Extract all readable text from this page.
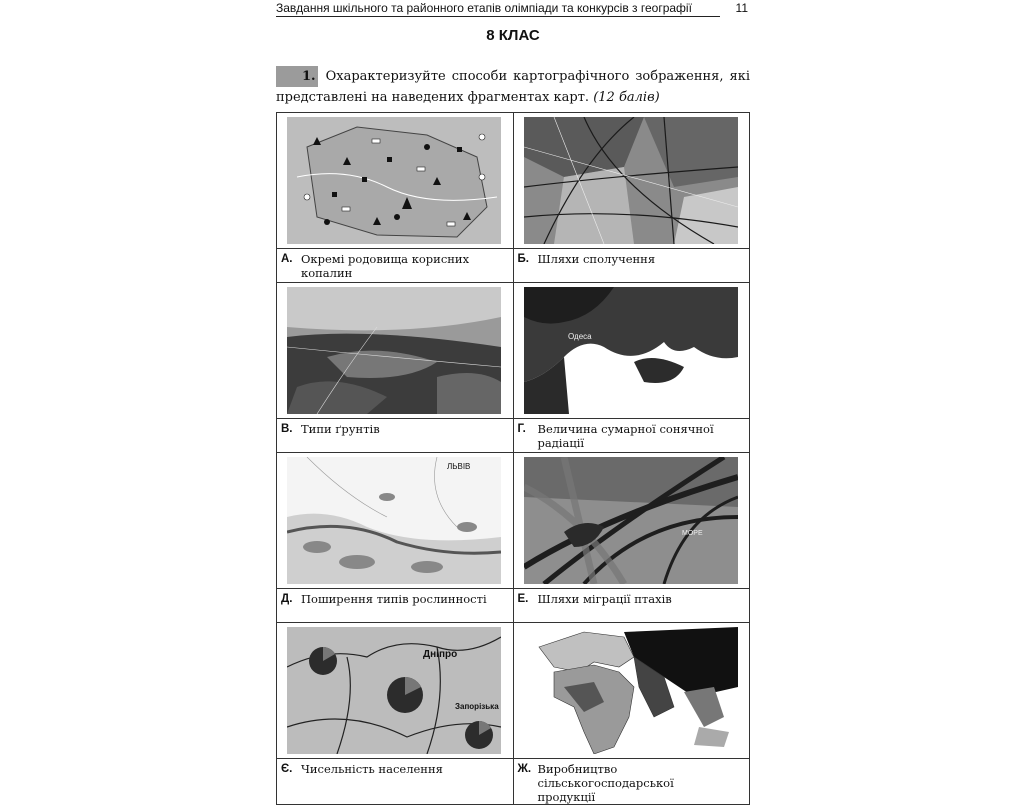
Завдання шкільного та районного етапів олімпіади та конкурсів з географії	11
8 КЛАС
1. Охарактеризуйте способи картографічного зображення, які представлені на наведених фрагментах карт. (12 балів)

А. Окремі родовища корисних копалин	Б. Шляхи сполучення

Одеса

В. Типи ґрунтів	Г. Величина сумарної сонячної радіації

ЛЬВІВ	МОРЕ

Д. Поширення типів рослинності	Е. Шляхи міграції птахів

Дніпро
Запорізька

Є. Чисельність населення	Ж. Виробництво сільськогосподарської продукції
